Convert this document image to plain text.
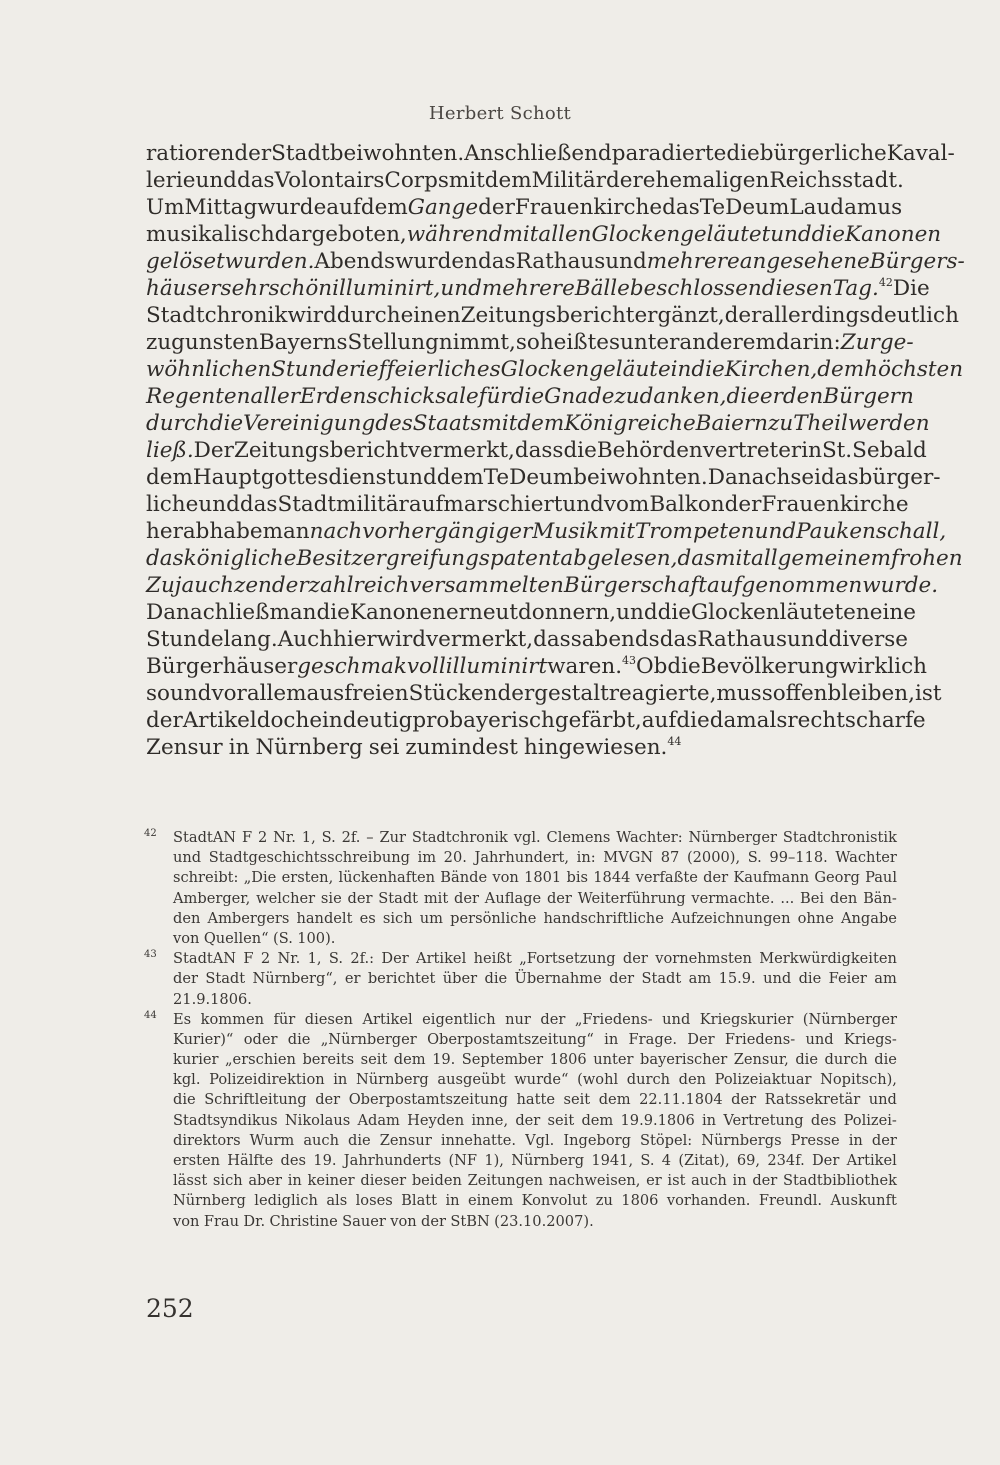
Herbert Schott
ratioren der Stadt beiwohnten. Anschließend paradierte die bürgerliche Kaval-
lerie und das Volontairs Corps mit dem Militär der ehemaligen Reichsstadt.
Um Mittag wurde auf dem Gange der Frauenkirche das Te Deum Laudamus
musikalisch dargeboten, während mit allen Glocken geläutet und die Kanonen
gelöset wurden. Abends wurden das Rathaus und mehrere angesehene Bürgers-
häuser sehr schön illuminirt, und mehrere Bälle beschlossen diesen Tag.$^{42}$ Die
Stadtchronik wird durch einen Zeitungsbericht ergänzt, der allerdings deutlich
zugunsten Bayerns Stellung nimmt, so heißt es unter anderem darin: Zur ge-
wöhnlichen Stunde rief feierliches Glockengeläute in die Kirchen, dem höchsten
Regenten aller Erdenschicksale für die Gnade zu danken, die er den Bürgern
durch die Vereinigung des Staats mit dem Königreiche Baiern zu Theil werden
ließ. Der Zeitungsbericht vermerkt, dass die Behördenvertreter in St. Sebald
dem Hauptgottesdienst und dem Te Deum beiwohnten. Danach sei das bürger-
liche und das Stadtmilitär aufmarschiert und vom Balkon der Frauenkirche
herab habe man nach vorhergängiger Musik mit Trompeten und Paukenschall,
das königliche Besitzergreifungspatent abgelesen, das mit allgemeinem frohen
Zujauchzen der zahlreich versammelten Bürgerschaft aufgenommen wurde.
Danach ließ man die Kanonen erneut donnern, und die Glocken läuteten eine
Stunde lang. Auch hier wird vermerkt, dass abends das Rathaus und diverse
Bürgerhäuser geschmakvoll illuminirt waren.$^{43}$ Ob die Bevölkerung wirklich
so und vor allem aus freien Stücken dergestalt reagierte, muss offen bleiben, ist
der Artikel doch eindeutig probayerisch gefärbt, auf die damals recht scharfe
Zensur in Nürnberg sei zumindest hingewiesen.$^{44}$
42 StadtAN F 2 Nr. 1, S. 2f. – Zur Stadtchronik vgl. Clemens Wachter: Nürnberger Stadtchronistik
und Stadtgeschichtsschreibung im 20. Jahrhundert, in: MVGN 87 (2000), S. 99–118. Wachter
schreibt: „Die ersten, lückenhaften Bände von 1801 bis 1844 verfaßte der Kaufmann Georg Paul
Amberger, welcher sie der Stadt mit der Auflage der Weiterführung vermachte. ... Bei den Bän-
den Ambergers handelt es sich um persönliche handschriftliche Aufzeichnungen ohne Angabe
von Quellen“ (S. 100).
43 StadtAN F 2 Nr. 1, S. 2f.: Der Artikel heißt „Fortsetzung der vornehmsten Merkwürdigkeiten
der Stadt Nürnberg“, er berichtet über die Übernahme der Stadt am 15.9. und die Feier am
21.9.1806.
44 Es kommen für diesen Artikel eigentlich nur der „Friedens- und Kriegskurier (Nürnberger
Kurier)“ oder die „Nürnberger Oberpostamtszeitung“ in Frage. Der Friedens- und Kriegs-
kurier „erschien bereits seit dem 19. September 1806 unter bayerischer Zensur, die durch die
kgl. Polizeidirektion in Nürnberg ausgeübt wurde“ (wohl durch den Polizeiaktuar Nopitsch),
die Schriftleitung der Oberpostamtszeitung hatte seit dem 22.11.1804 der Ratssekretär und
Stadtsyndikus Nikolaus Adam Heyden inne, der seit dem 19.9.1806 in Vertretung des Polizei-
direktors Wurm auch die Zensur innehatte. Vgl. Ingeborg Stöpel: Nürnbergs Presse in der
ersten Hälfte des 19. Jahrhunderts (NF 1), Nürnberg 1941, S. 4 (Zitat), 69, 234f. Der Artikel
lässt sich aber in keiner dieser beiden Zeitungen nachweisen, er ist auch in der Stadtbibliothek
Nürnberg lediglich als loses Blatt in einem Konvolut zu 1806 vorhanden. Freundl. Auskunft
von Frau Dr. Christine Sauer von der StBN (23.10.2007).
252
